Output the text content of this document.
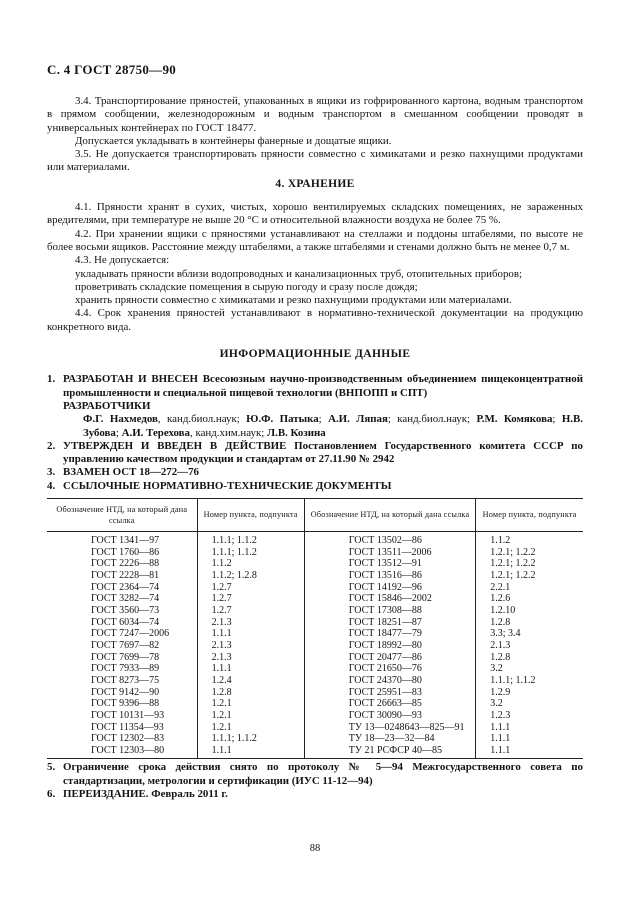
С. 4 ГОСТ 28750—90

3.4. Транспортирование пряностей, упакованных в ящики из гофрированного картона, водным транспортом в прямом сообщении, железнодорожным и водным транспортом в смешанном сообщении проводят в универсальных контейнерах по ГОСТ 18477.

Допускается укладывать в контейнеры фанерные и дощатые ящики.

3.5. Не допускается транспортировать пряности совместно с химикатами и резко пахнущими продуктами или материалами.

4. ХРАНЕНИЕ

4.1. Пряности хранят в сухих, чистых, хорошо вентилируемых складских помещениях, не зараженных вредителями, при температуре не выше 20 °С и относительной влажности воздуха не более 75 %.

4.2. При хранении ящики с пряностями устанавливают на стеллажи и поддоны штабелями, по высоте не более восьми ящиков. Расстояние между штабелями, а также штабелями и стенами должно быть не менее 0,7 м.

4.3. Не допускается:

укладывать пряности вблизи водопроводных и канализационных труб, отопительных приборов;

проветривать складские помещения в сырую погоду и сразу после дождя;

хранить пряности совместно с химикатами и резко пахнущими продуктами или материалами.

4.4. Срок хранения пряностей устанавливают в нормативно-технической документации на продукцию конкретного вида.

ИНФОРМАЦИОННЫЕ ДАННЫЕ
1. РАЗРАБОТАН И ВНЕСЕН Всесоюзным научно-производственным объединением пищеконцентратной промышленности и специальной пищевой технологии (ВНПОПП и СПТ)
РАЗРАБОТЧИКИ
Ф.Г. Нахмедов, канд.биол.наук; Ю.Ф. Патыка; А.И. Ляпая; канд.биол.наук; Р.М. Комякова; Н.В. Зубова; А.И. Терехова, канд.хим.наук; Л.В. Козина
2. УТВЕРЖДЕН И ВВЕДЕН В ДЕЙСТВИЕ Постановлением Государственного комитета СССР по управлению качеством продукции и стандартам от 27.11.90 № 2942
3. ВЗАМЕН ОСТ 18—272—76
4. ССЫЛОЧНЫЕ НОРМАТИВНО-ТЕХНИЧЕСКИЕ ДОКУМЕНТЫ
Обозначение НТД, на который дана ссылка	Номер пункта, подпункта	Обозначение НТД, на который дана ссылка	Номер пункта, подпункта
ГОСТ 1341—97	1.1.1; 1.1.2	ГОСТ 13502—86	1.1.2
ГОСТ 1760—86	1.1.1; 1.1.2	ГОСТ 13511—2006	1.2.1; 1.2.2
ГОСТ 2226—88	1.1.2	ГОСТ 13512—91	1.2.1; 1.2.2
ГОСТ 2228—81	1.1.2; 1.2.8	ГОСТ 13516—86	1.2.1; 1.2.2
ГОСТ 2364—74	1.2.7	ГОСТ 14192—96	2.2.1
ГОСТ 3282—74	1.2.7	ГОСТ 15846—2002	1.2.6
ГОСТ 3560—73	1.2.7	ГОСТ 17308—88	1.2.10
ГОСТ 6034—74	2.1.3	ГОСТ 18251—87	1.2.8
ГОСТ 7247—2006	1.1.1	ГОСТ 18477—79	3.3; 3.4
ГОСТ 7697—82	2.1.3	ГОСТ 18992—80	2.1.3
ГОСТ 7699—78	2.1.3	ГОСТ 20477—86	1.2.8
ГОСТ 7933—89	1.1.1	ГОСТ 21650—76	3.2
ГОСТ 8273—75	1.2.4	ГОСТ 24370—80	1.1.1; 1.1.2
ГОСТ 9142—90	1.2.8	ГОСТ 25951—83	1.2.9
ГОСТ 9396—88	1.2.1	ГОСТ 26663—85	3.2
ГОСТ 10131—93	1.2.1	ГОСТ 30090—93	1.2.3
ГОСТ 11354—93	1.2.1	ТУ 13—0248643—825—91	1.1.1
ГОСТ 12302—83	1.1.1; 1.1.2	ТУ 18—23—32—84	1.1.1
ГОСТ 12303—80	1.1.1	ТУ 21 РСФСР 40—85	1.1.1
5. Ограничение срока действия снято по протоколу № 5—94 Межгосударственного совета по стандартизации, метрологии и сертификации (ИУС 11-12—94)
6. ПЕРЕИЗДАНИЕ. Февраль 2011 г.
88
